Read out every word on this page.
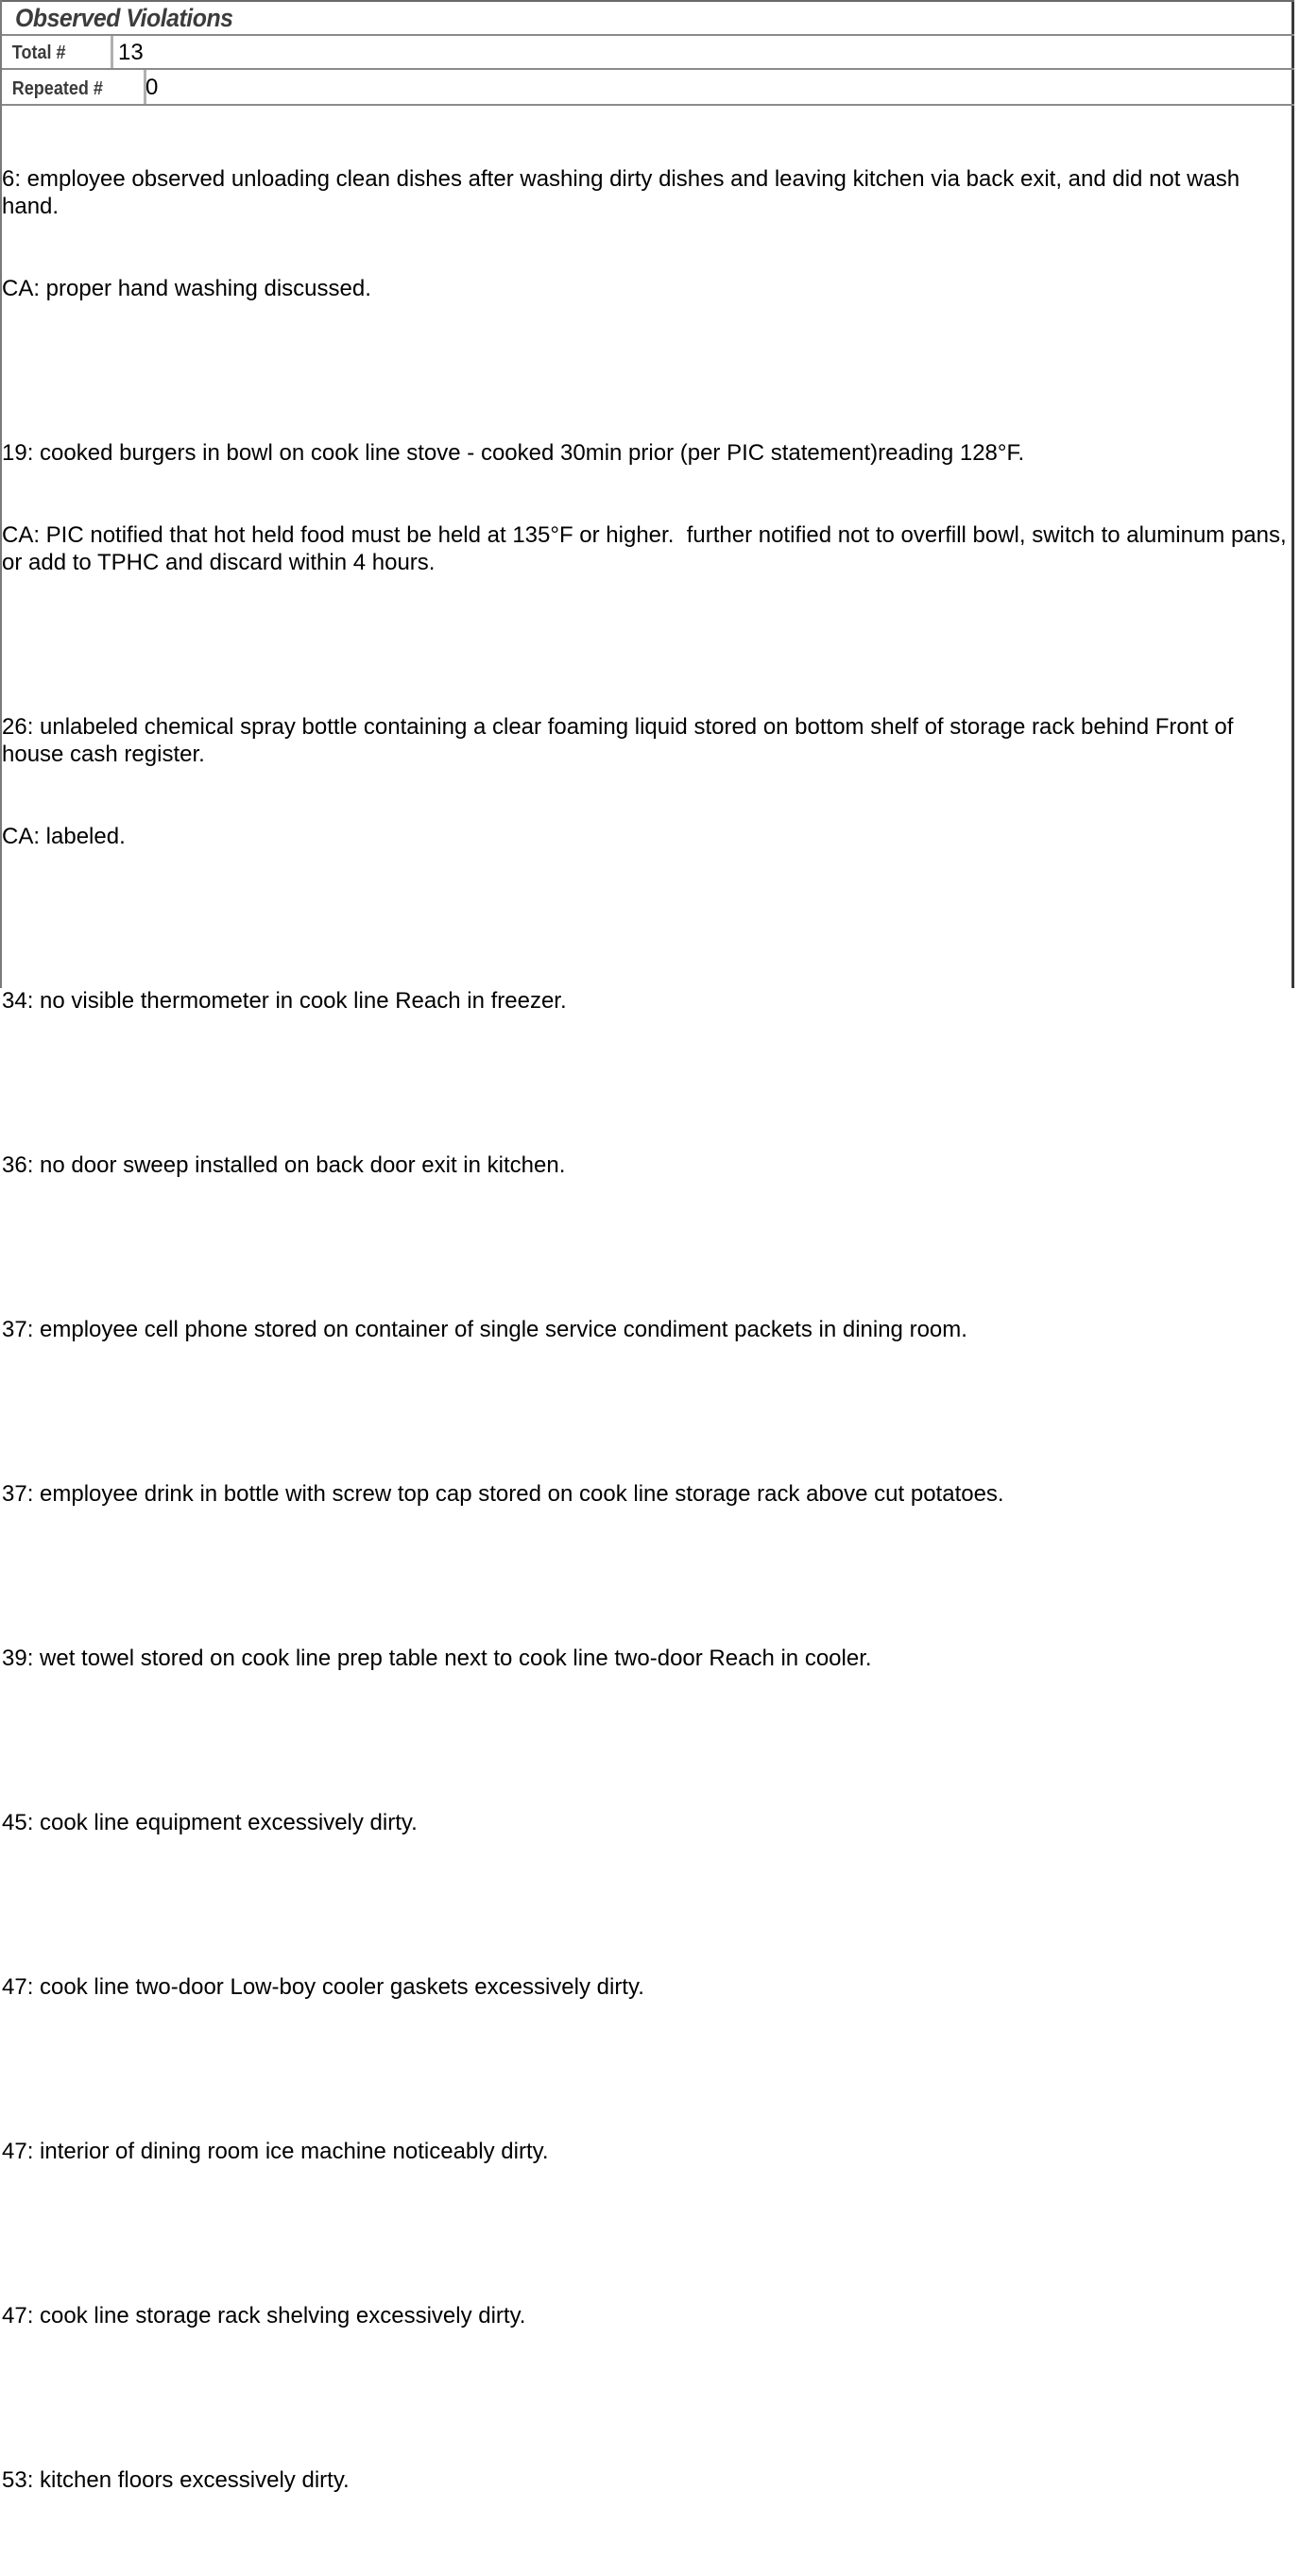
Observed Violations
Total #	13
Repeated #	0

6: employee observed unloading clean dishes after washing dirty dishes and leaving kitchen via back exit, and did not wash hand.

CA: proper hand washing discussed.

19: cooked burgers in bowl on cook line stove - cooked 30min prior (per PIC statement)reading 128°F.

CA: PIC notified that hot held food must be held at 135°F or higher.  further notified not to overfill bowl, switch to aluminum pans, or add to TPHC and discard within 4 hours.

26: unlabeled chemical spray bottle containing a clear foaming liquid stored on bottom shelf of storage rack behind Front of house cash register.

CA: labeled.

34: no visible thermometer in cook line Reach in freezer.

36: no door sweep installed on back door exit in kitchen.

37: employee cell phone stored on container of single service condiment packets in dining room.

37: employee drink in bottle with screw top cap stored on cook line storage rack above cut potatoes.

39: wet towel stored on cook line prep table next to cook line two-door Reach in cooler.

45: cook line equipment excessively dirty.

47: cook line two-door Low-boy cooler gaskets excessively dirty.

47: interior of dining room ice machine noticeably dirty.

47: cook line storage rack shelving excessively dirty.

53: kitchen floors excessively dirty.
